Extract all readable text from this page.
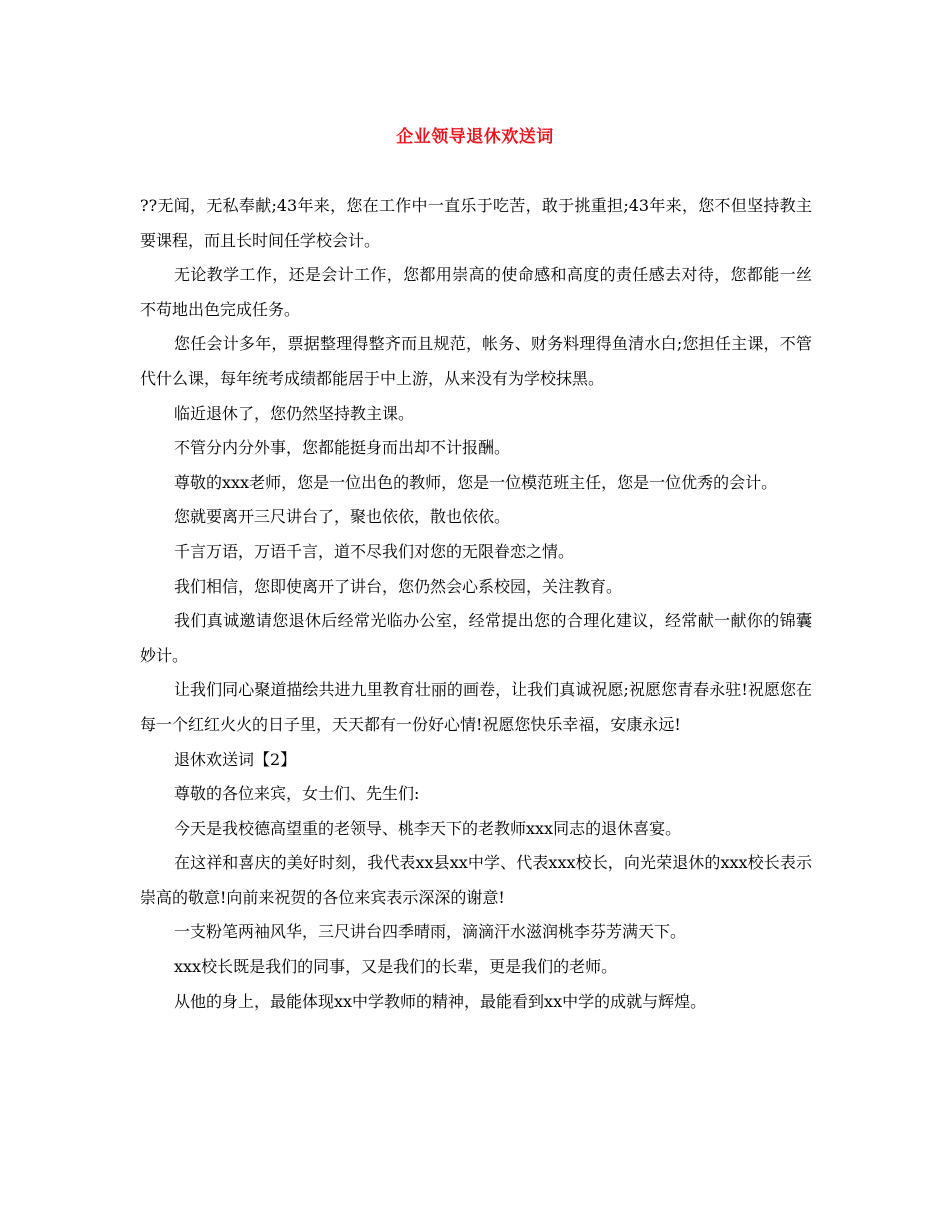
企业领导退休欢送词

??无闻，无私奉献;43年来，您在工作中一直乐于吃苦，敢于挑重担;43年来，您不但坚持教主要课程，而且长时间任学校会计。

无论教学工作，还是会计工作，您都用崇高的使命感和高度的责任感去对待，您都能一丝不苟地出色完成任务。

您任会计多年，票据整理得整齐而且规范，帐务、财务料理得鱼清水白;您担任主课，不管代什么课，每年统考成绩都能居于中上游，从来没有为学校抹黑。

临近退休了，您仍然坚持教主课。

不管分内分外事，您都能挺身而出却不计报酬。

尊敬的xxx老师，您是一位出色的教师，您是一位模范班主任，您是一位优秀的会计。

您就要离开三尺讲台了，聚也依依，散也依依。

千言万语，万语千言，道不尽我们对您的无限眷恋之情。

我们相信，您即使离开了讲台，您仍然会心系校园，关注教育。

我们真诚邀请您退休后经常光临办公室，经常提出您的合理化建议，经常献一献你的锦囊妙计。

让我们同心聚道描绘共进九里教育壮丽的画卷，让我们真诚祝愿;祝愿您青春永驻!祝愿您在每一个红红火火的日子里，天天都有一份好心情!祝愿您快乐幸福，安康永远!

退休欢送词【2】

尊敬的各位来宾，女士们、先生们:

今天是我校德高望重的老领导、桃李天下的老教师xxx同志的退休喜宴。

在这祥和喜庆的美好时刻，我代表xx县xx中学、代表xxx校长，向光荣退休的xxx校长表示崇高的敬意!向前来祝贺的各位来宾表示深深的谢意!

一支粉笔两袖风华，三尺讲台四季晴雨，滴滴汗水滋润桃李芬芳满天下。

xxx校长既是我们的同事，又是我们的长辈，更是我们的老师。

从他的身上，最能体现xx中学教师的精神，最能看到xx中学的成就与辉煌。
